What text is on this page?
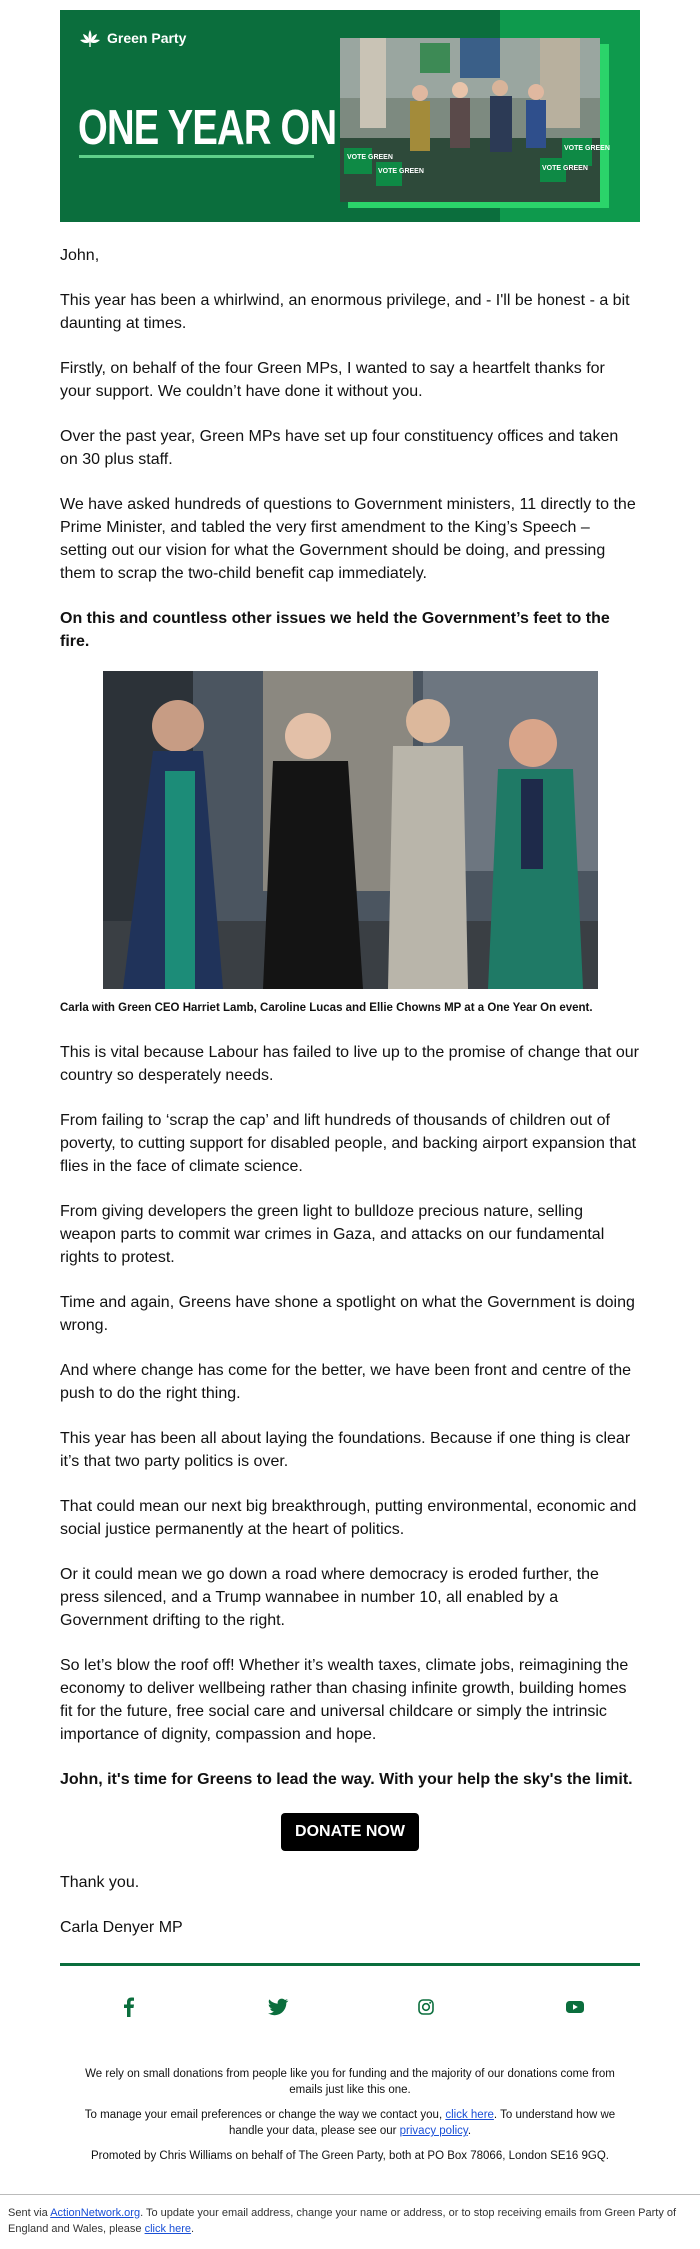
Green Party
ONE YEAR ON
VOTE GREEN
VOTE GREEN
VOTE GREEN
VOTE GREEN

John,

This year has been a whirlwind, an enormous privilege, and - I'll be honest - a bit daunting at times.

Firstly, on behalf of the four Green MPs, I wanted to say a heartfelt thanks for your support. We couldn’t have done it without you.

Over the past year, Green MPs have set up four constituency offices and taken on 30 plus staff.

We have asked hundreds of questions to Government ministers, 11 directly to the Prime Minister, and tabled the very first amendment to the King’s Speech – setting out our vision for what the Government should be doing, and pressing them to scrap the two-child benefit cap immediately.

On this and countless other issues we held the Government’s feet to the fire.

Carla with Green CEO Harriet Lamb, Caroline Lucas and Ellie Chowns MP at a One Year On event.

This is vital because Labour has failed to live up to the promise of change that our country so desperately needs.

From failing to ‘scrap the cap’ and lift hundreds of thousands of children out of poverty, to cutting support for disabled people, and backing airport expansion that flies in the face of climate science.

From giving developers the green light to bulldoze precious nature, selling weapon parts to commit war crimes in Gaza, and attacks on our fundamental rights to protest.

Time and again, Greens have shone a spotlight on what the Government is doing wrong.

And where change has come for the better, we have been front and centre of the push to do the right thing.

This year has been all about laying the foundations. Because if one thing is clear it’s that two party politics is over.

That could mean our next big breakthrough, putting environmental, economic and social justice permanently at the heart of politics.

Or it could mean we go down a road where democracy is eroded further, the press silenced, and a Trump wannabee in number 10, all enabled by a Government drifting to the right.

So let’s blow the roof off! Whether it’s wealth taxes, climate jobs, reimagining the economy to deliver wellbeing rather than chasing infinite growth, building homes fit for the future, free social care and universal childcare or simply the intrinsic importance of dignity, compassion and hope.

John, it's time for Greens to lead the way. With your help the sky's the limit.

DONATE NOW

Thank you.

Carla Denyer MP

We rely on small donations from people like you for funding and the majority of our donations come from emails just like this one.

To manage your email preferences or change the way we contact you, click here. To understand how we handle your data, please see our privacy policy.

Promoted by Chris Williams on behalf of The Green Party, both at PO Box 78066, London SE16 9GQ.

Sent via ActionNetwork.org. To update your email address, change your name or address, or to stop receiving emails from Green Party of England and Wales, please click here.
